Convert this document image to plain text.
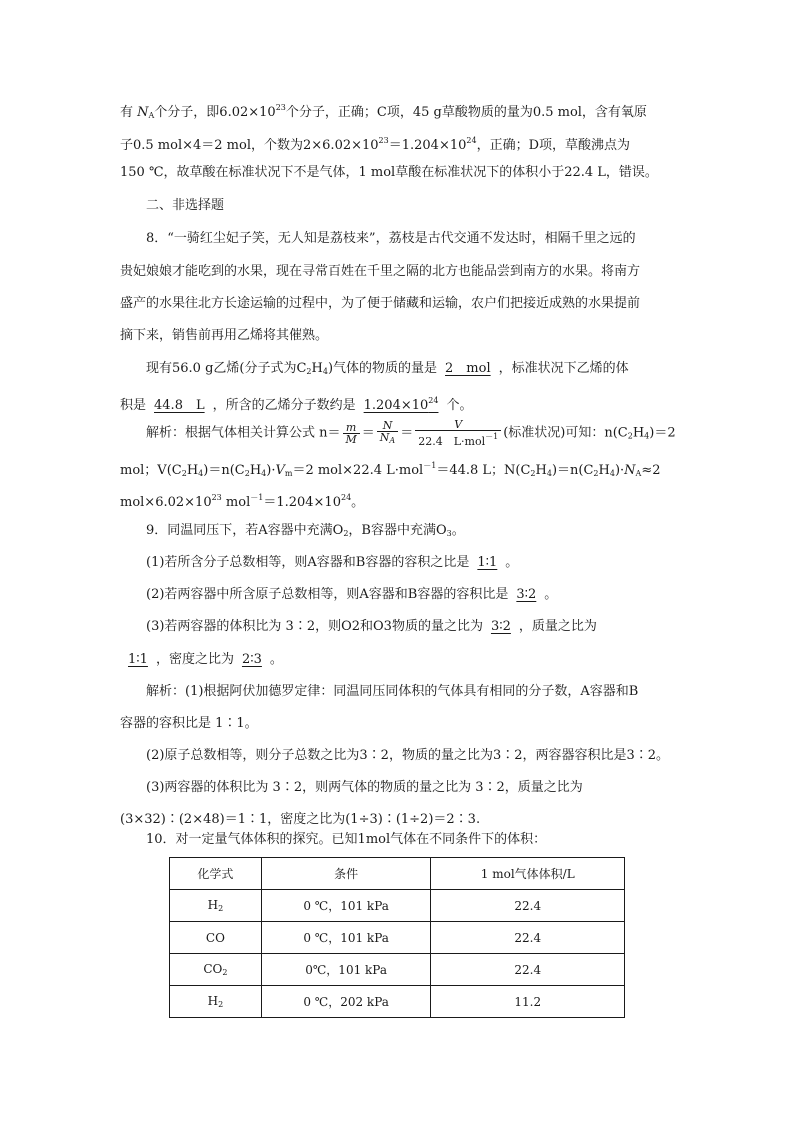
有 $N_A$个分子，即$6.02\times 10^{23}$个分子，正确；C项，45 g草酸物质的量为0.5 mol，含有氧原
子0.5 mol×4＝2 mol，个数为$2\times 6.02\times 10^{23}=1.204\times 10^{24}$，正确；D项，草酸沸点为
150 ℃，故草酸在标准状况下不是气体，1 mol草酸在标准状况下的体积小于22.4 L，错误。
二、非选择题
8．“一骑红尘妃子笑，无人知是荔枝来”，荔枝是古代交通不发达时，相隔千里之远的
贵妃娘娘才能吃到的水果，现在寻常百姓在千里之隔的北方也能品尝到南方的水果。将南方
盛产的水果往北方长途运输的过程中，为了便于储藏和运输，农户们把接近成熟的水果提前
摘下来，销售前再用乙烯将其催熟。
现有56.0 g乙烯(分子式为$C_2H_4$)气体的物质的量是 2　mol ，标准状况下乙烯的体
积是 44.8　L ，所含的乙烯分子数约是 $1.204\times 10^{24}$ 个。
解析：根据气体相关计算公式 $n= \frac{m}{M} = \frac{N}{N_A} = \frac{V}{22.4 L\cdot mol^{-1}}$ (标准状况)可知：$n(C_2H_4)=2$
mol；$V(C_2H_4)=n(C_2H_4)\cdot V_m=2$ mol×22.4 L·mol$^{-1}$＝44.8 L；$N(C_2H_4)=n(C_2H_4)\cdot N_A\approx 2$
$mol\times 6.02\times 10^{23}$ $mol^{-1}=1.204\times 10^{24}$。
9．同温同压下，若A容器中充满$O_2$，B容器中充满$O_3$。
(1)若所含分子总数相等，则A容器和B容器的容积之比是 1∶1 。
(2)若两容器中所含原子总数相等，则A容器和B容器的容积比是 3∶2 。
(3)若两容器的体积比为 3∶2，则O2和O3物质的量之比为 3∶2 ，质量之比为
1∶1 ，密度之比为 2∶3 。
解析：(1)根据阿伏加德罗定律：同温同压同体积的气体具有相同的分子数，A容器和B
容器的容积比是 1∶1。
(2)原子总数相等，则分子总数之比为3∶2，物质的量之比为3∶2，两容器容积比是3∶2。
(3)两容器的体积比为 3∶2，则两气体的物质的量之比为 3∶2，质量之比为
(3×32)∶(2×48)＝1∶1，密度之比为(1÷3)∶(1÷2)＝2∶3.
10．对一定量气体体积的探究。已知1mol气体在不同条件下的体积：
化学式	条件	1 mol气体体积/L
$H_2$	0 ℃，101 kPa	22.4
CO	0 ℃，101 kPa	22.4
$CO_2$	0℃，101 kPa	22.4
$H_2$	0 ℃，202 kPa	11.2
